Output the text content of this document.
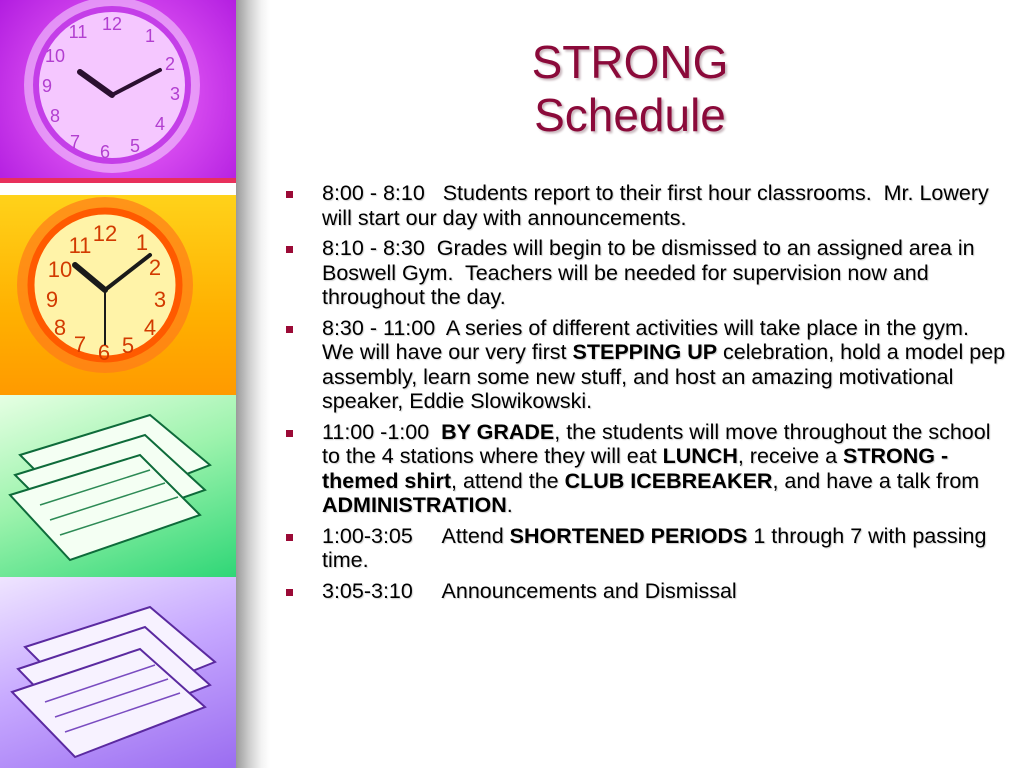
12
1
2
3
4
5
6
7
8
9
10
11
12 1
2
3
4
5
6
7
8
9
10
11
STRONG
Schedule
8:00 - 8:10   Students report to their first hour classrooms.  Mr. Lowery will start our day with announcements.
8:10 - 8:30  Grades will begin to be dismissed to an assigned area in Boswell Gym.  Teachers will be needed for supervision now and throughout the day.
8:30 - 11:00  A series of different activities will take place in the gym.  We will have our very first STEPPING UP celebration, hold a model pep assembly, learn some new stuff, and host an amazing motivational speaker, Eddie Slowikowski.
11:00 -1:00  BY GRADE, the students will move throughout the school to the 4 stations where they will eat LUNCH, receive a STRONG -themed shirt, attend the CLUB ICEBREAKER, and have a talk from ADMINISTRATION.
1:00-3:05     Attend SHORTENED PERIODS 1 through 7 with passing time.
3:05-3:10     Announcements and Dismissal
